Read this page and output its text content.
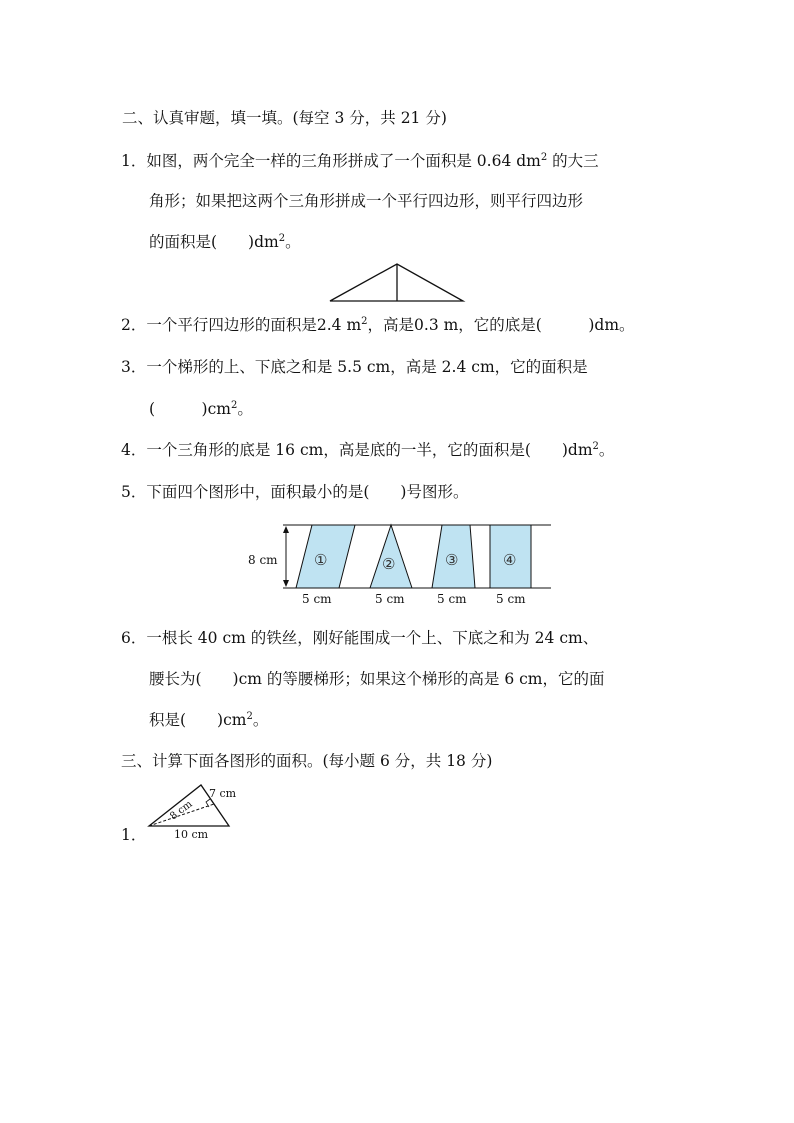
二、认真审题，填一填。(每空 3 分，共 21 分)
1．如图，两个完全一样的三角形拼成了一个面积是 0.64 $dm^2$ 的大三
角形；如果把这两个三角形拼成一个平行四边形，则平行四边形
的面积是(　　)$dm^2$。
2．一个平行四边形的面积是2.4 $m^2$，高是0.3 m，它的底是(　　　)dm。
3．一个梯形的上、下底之和是 5.5 cm，高是 2.4 cm，它的面积是
(　　　)$cm^2$。
4．一个三角形的底是 16 cm，高是底的一半，它的面积是(　　)$dm^2$。
5．下面四个图形中，面积最小的是(　　)号图形。
8 cm ①	②	③	④
5 cm	5 cm	5 cm 5 cm
6．一根长 40 cm 的铁丝，刚好能围成一个上、下底之和为 24 cm、
腰长为(　　)cm 的等腰梯形；如果这个梯形的高是 6 cm，它的面
积是(　　)$cm^2$。
三、计算下面各图形的面积。(每小题 6 分，共 18 分)
1．
7 cm
8 cm
10 cm
